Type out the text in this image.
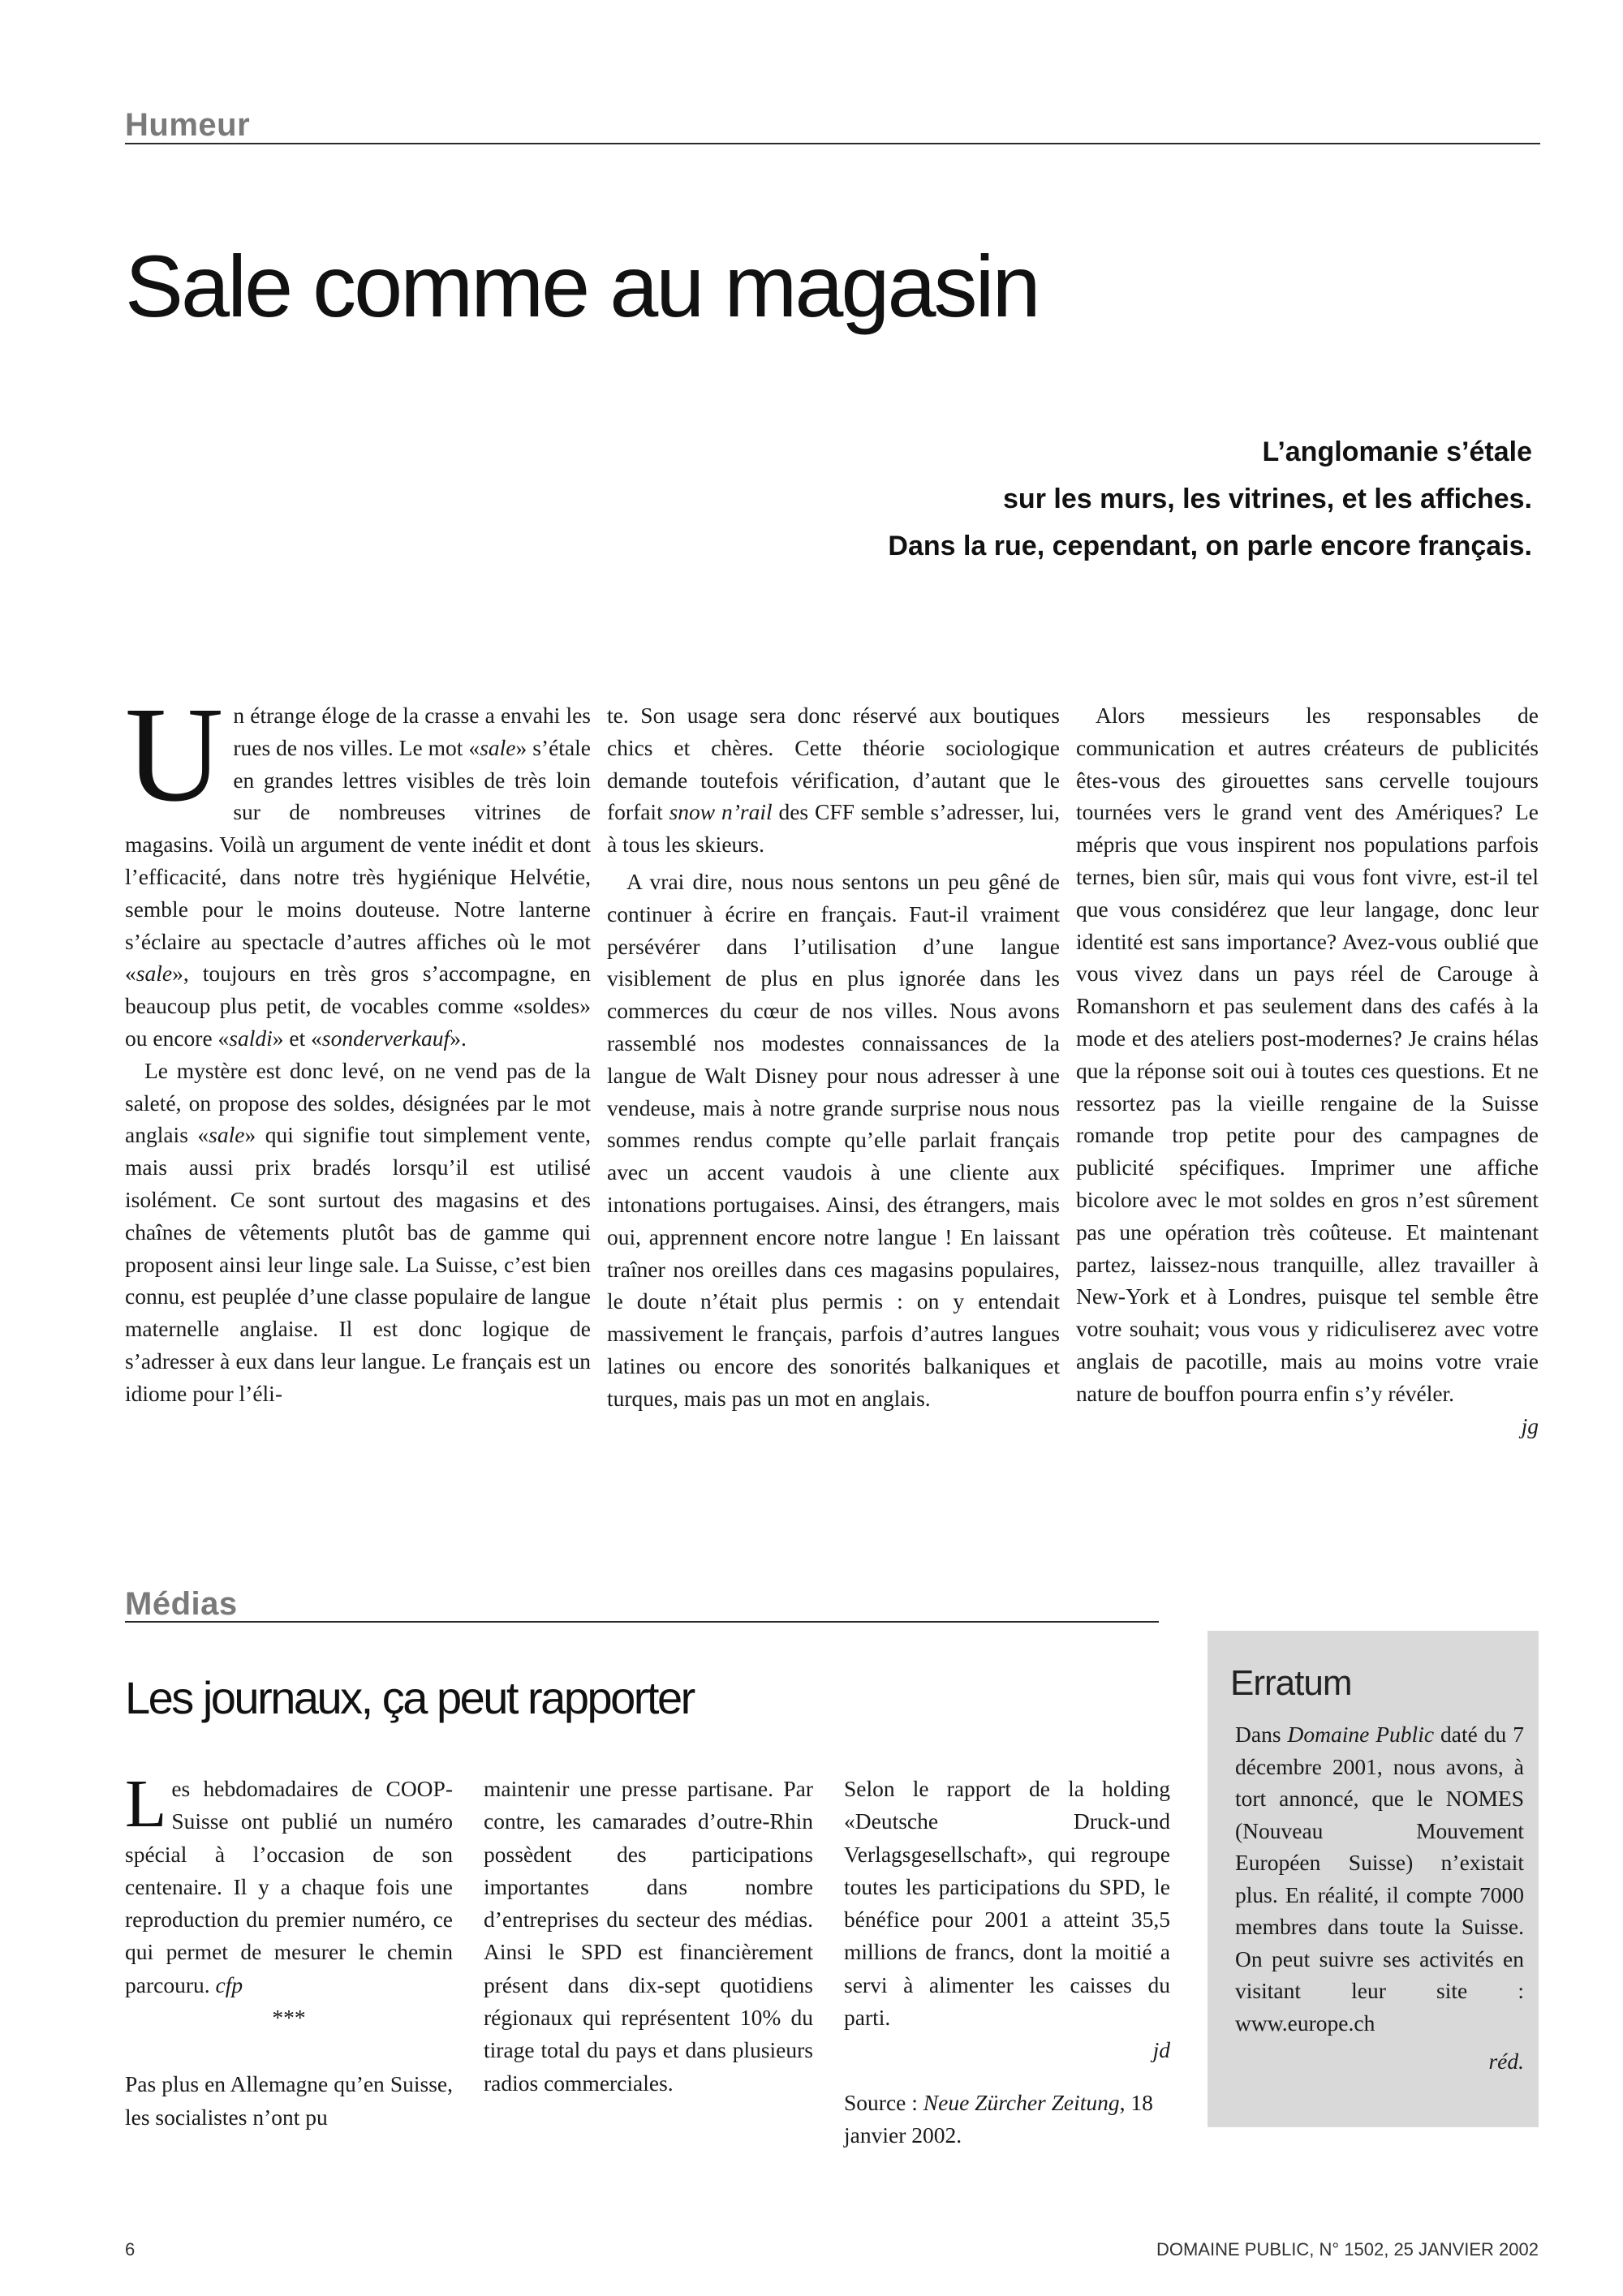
Humeur
Sale comme au magasin
L’anglomanie s’étale
sur les murs, les vitrines, et les affiches.
Dans la rue, cependant, on parle encore français.

Un étrange éloge de la crasse a envahi les rues de nos villes. Le mot «sale» s’étale en grandes lettres visibles de très loin sur de nombreuses vitrines de magasins. Voilà un argument de vente inédit et dont l’efficacité, dans notre très hygiénique Helvétie, semble pour le moins douteuse. Notre lanterne s’éclaire au spectacle d’autres affiches où le mot «sale», toujours en très gros s’accompagne, en beaucoup plus petit, de vocables comme «soldes» ou encore «saldi» et «sonderverkauf».

Le mystère est donc levé, on ne vend pas de la saleté, on propose des soldes, désignées par le mot anglais «sale» qui signifie tout simplement vente, mais aussi prix bradés lorsqu’il est utilisé isolément. Ce sont surtout des magasins et des chaînes de vêtements plutôt bas de gamme qui proposent ainsi leur linge sale. La Suisse, c’est bien connu, est peuplée d’une classe populaire de langue maternelle anglaise. Il est donc logique de s’adresser à eux dans leur langue. Le français est un idiome pour l’éli-

te. Son usage sera donc réservé aux boutiques chics et chères. Cette théorie sociologique demande toutefois vérification, d’autant que le forfait snow n’rail des CFF semble s’adresser, lui, à tous les skieurs.

A vrai dire, nous nous sentons un peu gêné de continuer à écrire en français. Faut-il vraiment persévérer dans l’utilisation d’une langue visiblement de plus en plus ignorée dans les commerces du cœur de nos villes. Nous avons rassemblé nos modestes connaissances de la langue de Walt Disney pour nous adresser à une vendeuse, mais à notre grande surprise nous nous sommes rendus compte qu’elle parlait français avec un accent vaudois à une cliente aux intonations portugaises. Ainsi, des étrangers, mais oui, apprennent encore notre langue ! En laissant traîner nos oreilles dans ces magasins populaires, le doute n’était plus permis : on y entendait massivement le français, parfois d’autres langues latines ou encore des sonorités balkaniques et turques, mais pas un mot en anglais.

Alors messieurs les responsables de communication et autres créateurs de publicités êtes-vous des girouettes sans cervelle toujours tournées vers le grand vent des Amériques? Le mépris que vous inspirent nos populations parfois ternes, bien sûr, mais qui vous font vivre, est-il tel que vous considérez que leur langage, donc leur identité est sans importance? Avez-vous oublié que vous vivez dans un pays réel de Carouge à Romanshorn et pas seulement dans des cafés à la mode et des ateliers post-modernes? Je crains hélas que la réponse soit oui à toutes ces questions. Et ne ressortez pas la vieille rengaine de la Suisse romande trop petite pour des campagnes de publicité spécifiques. Imprimer une affiche bicolore avec le mot soldes en gros n’est sûrement pas une opération très coûteuse. Et maintenant partez, laissez-nous tranquille, allez travailler à New-York et à Londres, puisque tel semble être votre souhait; vous vous y ridiculiserez avec votre anglais de pacotille, mais au moins votre vraie nature de bouffon pourra enfin s’y révéler.

jg
Médias
Les journaux, ça peut rapporter

Les hebdomadaires de COOP-Suisse ont publié un numéro spécial à l’occasion de son centenaire. Il y a chaque fois une reproduction du premier numéro, ce qui permet de mesurer le chemin parcouru. cfp

***

Pas plus en Allemagne qu’en Suisse, les socialistes n’ont pu

maintenir une presse partisane. Par contre, les camarades d’outre-Rhin possèdent des participations importantes dans nombre d’entreprises du secteur des médias. Ainsi le SPD est financièrement présent dans dix-sept quotidiens régionaux qui représentent 10% du tirage total du pays et dans plusieurs radios commerciales.

Selon le rapport de la holding «Deutsche Druck-und Verlagsgesellschaft», qui regroupe toutes les participations du SPD, le bénéfice pour 2001 a atteint 35,5 millions de francs, dont la moitié a servi à alimenter les caisses du parti.

jd

Source : Neue Zürcher Zeitung, 18 janvier 2002.

Erratum

Dans Domaine Public daté du 7 décembre 2001, nous avons, à tort annoncé, que le NOMES (Nouveau Mouvement Européen Suisse) n’existait plus. En réalité, il compte 7000 membres dans toute la Suisse. On peut suivre ses activités en visitant leur site : www.europe.ch

réd.
6	DOMAINE PUBLIC, N° 1502, 25 JANVIER 2002
